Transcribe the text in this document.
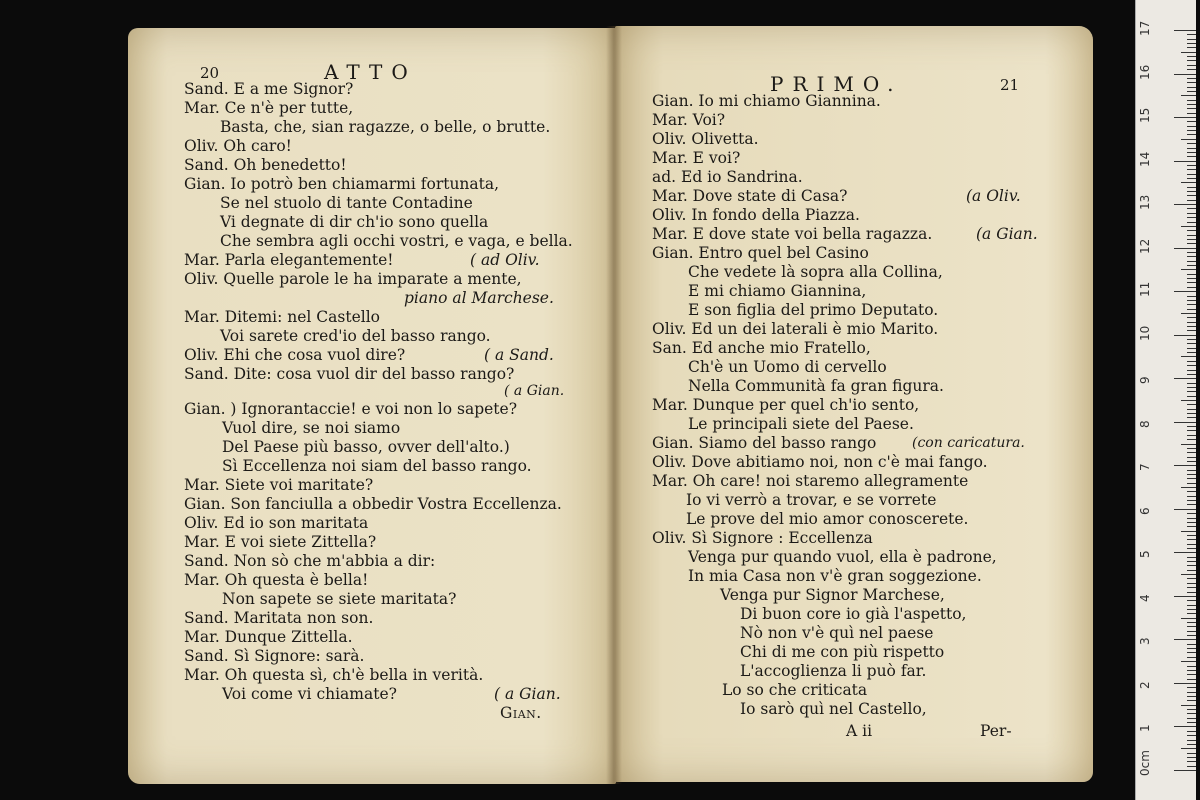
20	ATTO
Sand. E a me Signor?
Mar. Ce n'è per tutte,
Basta, che, sian ragazze, o belle, o brutte.
Oliv. Oh caro!
Sand. Oh benedetto!
Gian. Io potrò ben chiamarmi fortunata,
Se nel stuolo di tante Contadine
Vi degnate di dir ch'io sono quella
Che sembra agli occhi vostri, e vaga, e bella.
Mar. Parla elegantemente!	( ad Oliv.
Oliv. Quelle parole le ha imparate a mente,
piano al Marchese.
Mar. Ditemi: nel Castello
Voi sarete cred'io del basso rango.
Oliv. Ehi che cosa vuol dire?	( a Sand.
Sand. Dite: cosa vuol dir del basso rango?
( a Gian.
Gian. ) Ignorantaccie! e voi non lo sapete?
Vuol dire, se noi siamo
Del Paese più basso, ovver dell'alto.)
Sì Eccellenza noi siam del basso rango.
Mar. Siete voi maritate?
Gian. Son fanciulla a obbedir Vostra Eccellenza.
Oliv. Ed io son maritata
Mar. E voi siete Zittella?
Sand. Non sò che m'abbia a dir:
Mar. Oh questa è bella!
Non sapete se siete maritata?
Sand. Maritata non son.
Mar. Dunque Zittella.
Sand. Sì Signore: sarà.
Mar. Oh questa sì, ch'è bella in verità.
Voi come vi chiamate?	( a Gian.
Gian.
PRIMO.	21
Gian. Io mi chiamo Giannina.
Mar. Voi?
Oliv. Olivetta.
Mar. E voi?
ad. Ed io Sandrina.
Mar. Dove state di Casa?	(a Oliv.
Oliv. In fondo della Piazza.
Mar. E dove state voi bella ragazza.	(a Gian.
Gian. Entro quel bel Casino
Che vedete là sopra alla Collina,
E mi chiamo Giannina,
E son figlia del primo Deputato.
Oliv. Ed un dei laterali è mio Marito.
San. Ed anche mio Fratello,
Ch'è un Uomo di cervello
Nella Communità fa gran figura.
Mar. Dunque per quel ch'io sento,
Le principali siete del Paese.
Gian. Siamo del basso rango	(con caricatura.
Oliv. Dove abitiamo noi, non c'è mai fango.
Mar. Oh care! noi staremo allegramente
Io vi verrò a trovar, e se vorrete
Le prove del mio amor conoscerete.
Oliv. Sì Signore : Eccellenza
Venga pur quando vuol, ella è padrone,
In mia Casa non v'è gran soggezione.
Venga pur Signor Marchese,
Di buon core io già l'aspetto,
Nò non v'è quì nel paese
Chi di me con più rispetto
L'accoglienza li può far.
Lo so che criticata
Io sarò quì nel Castello,
A ii	Per-
17
16
15
14
13
12
11
10
9
8
7
6
5
4
3
2
1
0cm
